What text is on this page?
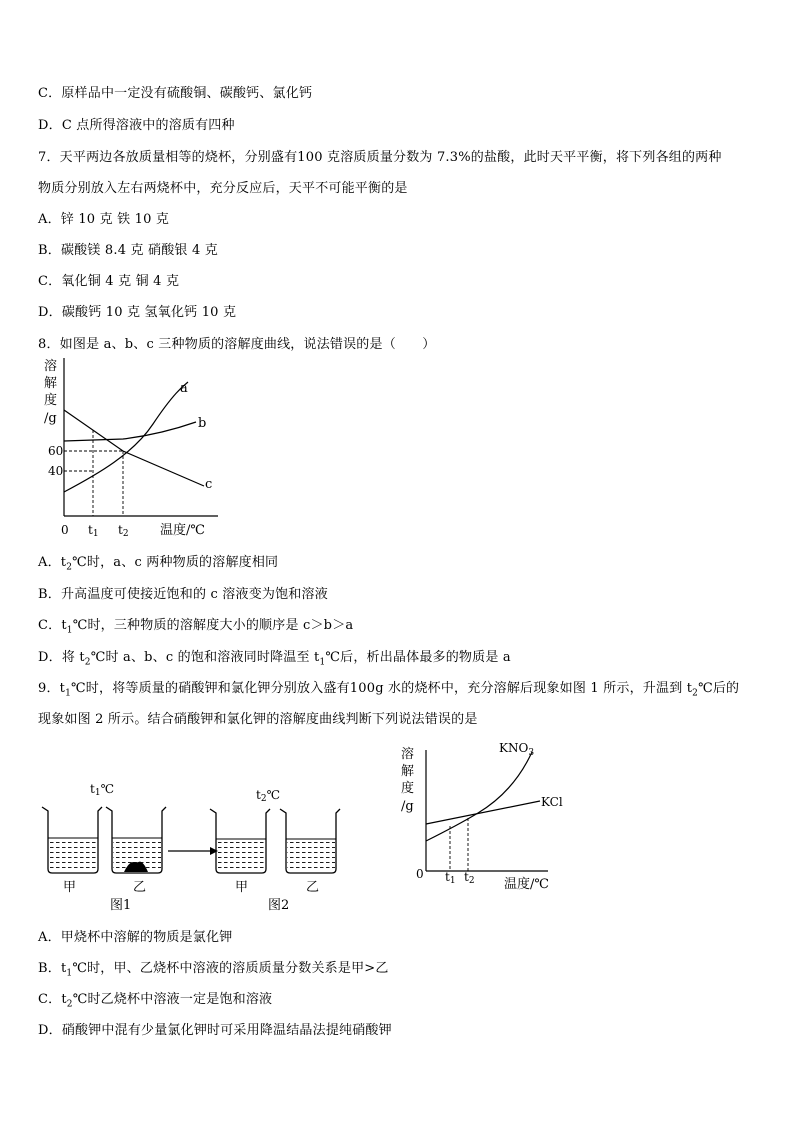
C．原样品中一定没有硫酸铜、碳酸钙、氯化钙
D．C 点所得溶液中的溶质有四种
7．天平两边各放质量相等的烧杯，分别盛有100 克溶质质量分数为 7.3%的盐酸，此时天平平衡，将下列各组的两种
物质分别放入左右两烧杯中，充分反应后，天平不可能平衡的是
A．锌 10 克 铁 10 克
B．碳酸镁 8.4 克 硝酸银 4 克
C．氧化铜 4 克 铜 4 克
D．碳酸钙 10 克 氢氧化钙 10 克
8．如图是 a、b、c 三种物质的溶解度曲线，说法错误的是（　　）
溶
解
度
/g
60
40
a
b
c
0 t1 t2 温度/℃
A．$t_2℃$时，a、c 两种物质的溶解度相同
B．升高温度可使接近饱和的 c 溶液变为饱和溶液
C．$t_1℃$时，三种物质的溶解度大小的顺序是 c＞b＞a
D．将 $t_2℃$时 a、b、c 的饱和溶液同时降温至 $t_1℃$后，析出晶体最多的物质是 a
9．$t_1℃$时，将等质量的硝酸钾和氯化钾分别放入盛有100g 水的烧杯中，充分溶解后现象如图 1 所示，升温到 $t_2℃$后的
现象如图 2 所示。结合硝酸钾和氯化钾的溶解度曲线判断下列说法错误的是
t1℃	t2℃
甲	乙	甲	乙
图1	图2
溶
解
度
/g
$KNO_3$
KCl
0 t1 t2 温度/℃
A．甲烧杯中溶解的物质是氯化钾
B．$t_1℃$时，甲、乙烧杯中溶液的溶质质量分数关系是甲>乙
C．$t_2℃$时乙烧杯中溶液一定是饱和溶液
D．硝酸钾中混有少量氯化钾时可采用降温结晶法提纯硝酸钾
